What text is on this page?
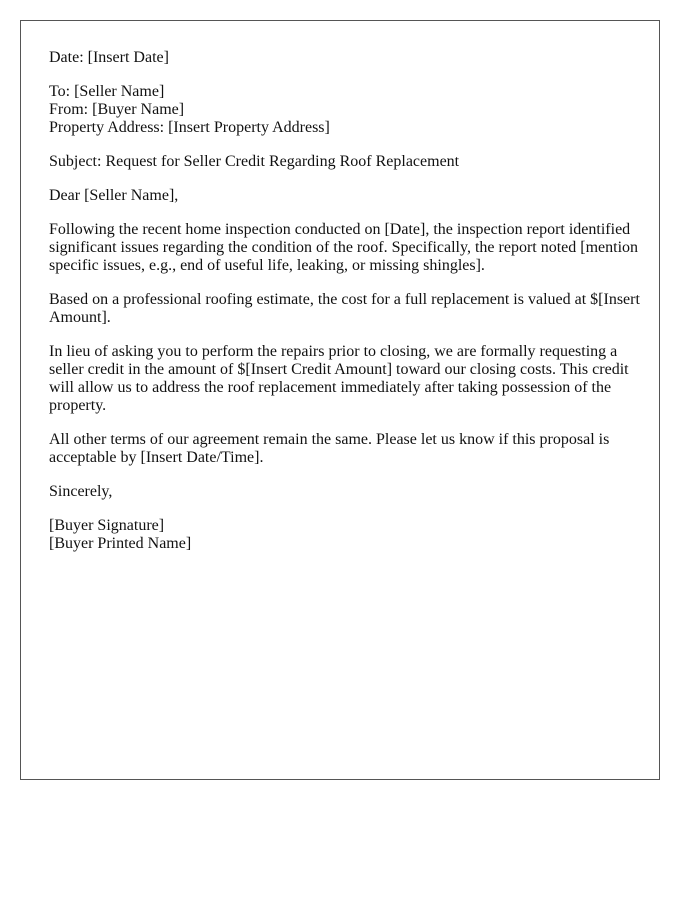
Date: [Insert Date]

To: [Seller Name]
From: [Buyer Name]
Property Address: [Insert Property Address]

Subject: Request for Seller Credit Regarding Roof Replacement

Dear [Seller Name],

Following the recent home inspection conducted on [Date], the inspection report identified significant issues regarding the condition of the roof. Specifically, the report noted [mention specific issues, e.g., end of useful life, leaking, or missing shingles].

Based on a professional roofing estimate, the cost for a full replacement is valued at $[Insert Amount].

In lieu of asking you to perform the repairs prior to closing, we are formally requesting a seller credit in the amount of $[Insert Credit Amount] toward our closing costs. This credit will allow us to address the roof replacement immediately after taking possession of the property.

All other terms of our agreement remain the same. Please let us know if this proposal is acceptable by [Insert Date/Time].

Sincerely,

[Buyer Signature]
[Buyer Printed Name]
